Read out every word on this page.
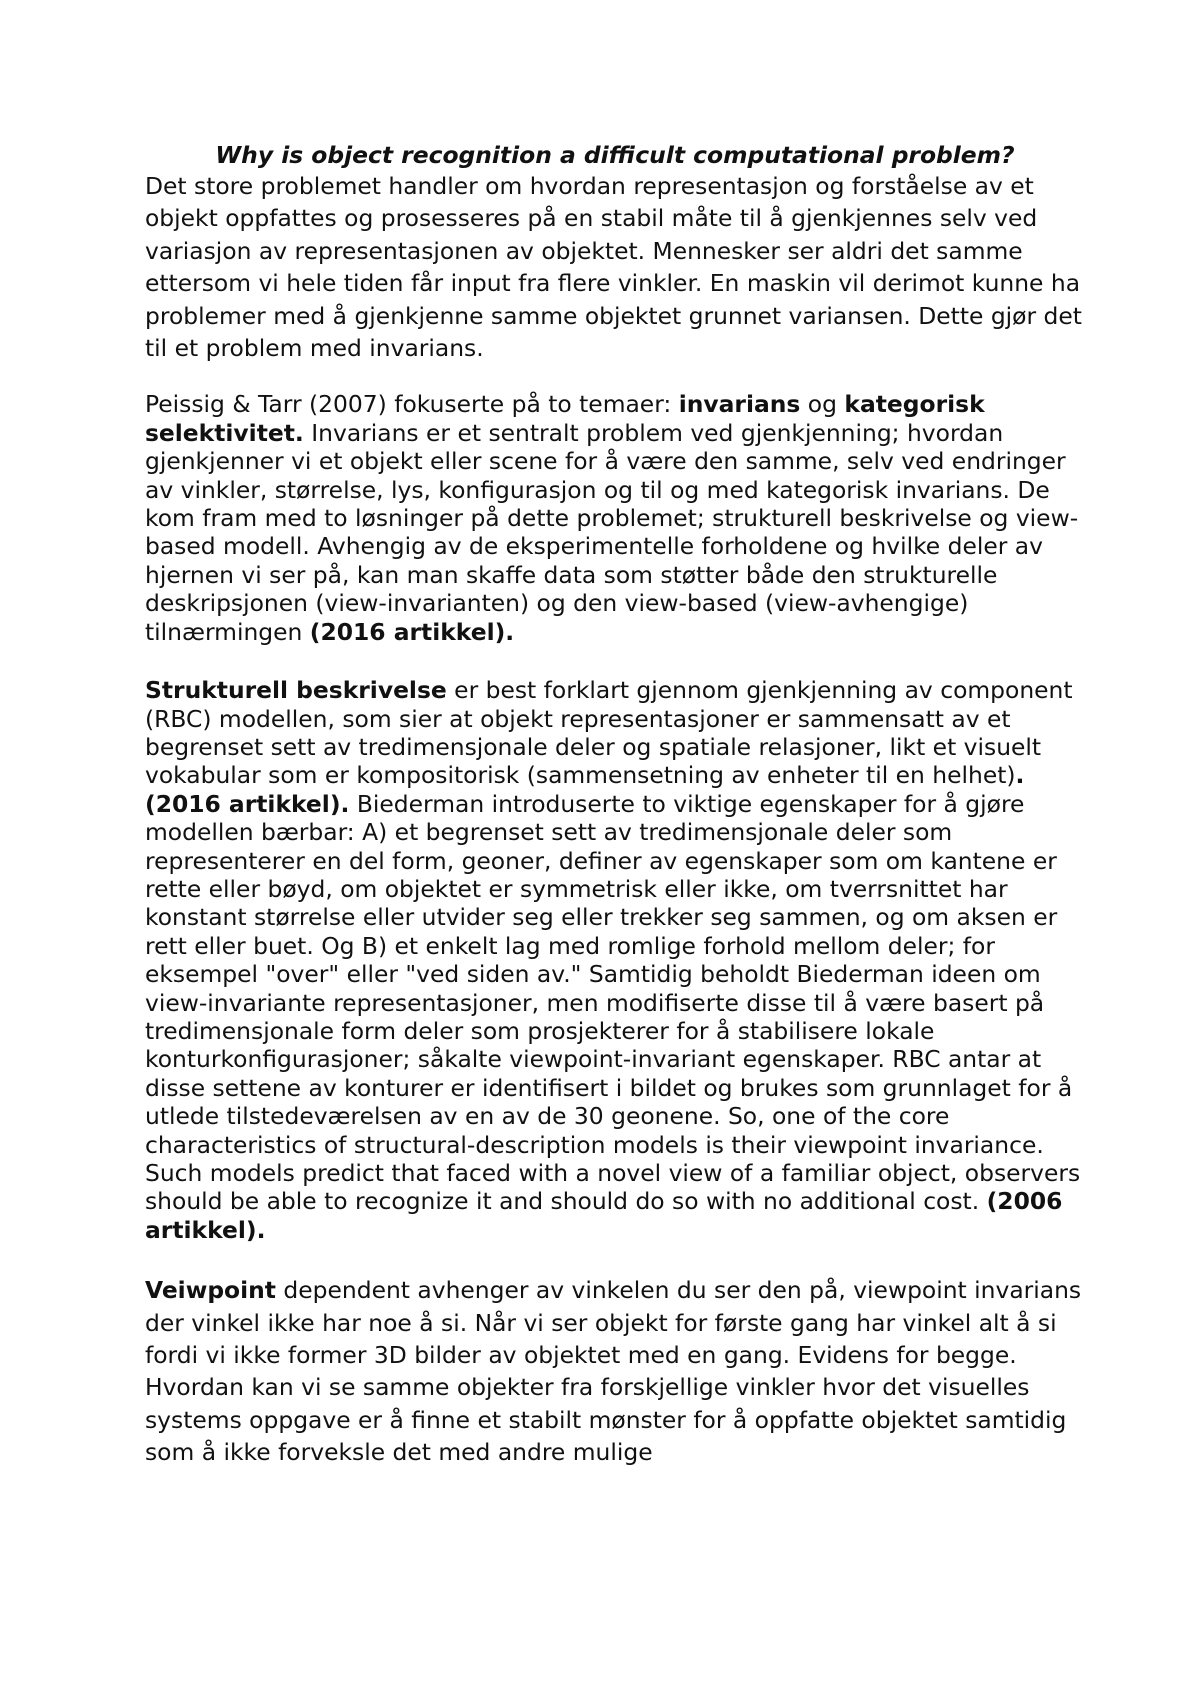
Why is object recognition a difficult computational problem?

Det store problemet handler om hvordan representasjon og forståelse av et objekt oppfattes og prosesseres på en stabil måte til å gjenkjennes selv ved variasjon av representasjonen av objektet. Mennesker ser aldri det samme ettersom vi hele tiden får input fra flere vinkler. En maskin vil derimot kunne ha problemer med å gjenkjenne samme objektet grunnet variansen. Dette gjør det til et problem med invarians.

Peissig & Tarr (2007) fokuserte på to temaer: invarians og kategorisk selektivitet. Invarians er et sentralt problem ved gjenkjenning; hvordan gjenkjenner vi et objekt eller scene for å være den samme, selv ved endringer av vinkler, størrelse, lys, konfigurasjon og til og med kategorisk invarians. De kom fram med to løsninger på dette problemet; strukturell beskrivelse og view-based modell. Avhengig av de eksperimentelle forholdene og hvilke deler av hjernen vi ser på, kan man skaffe data som støtter både den strukturelle deskripsjonen (view-invarianten) og den view-based (view-avhengige) tilnærmingen (2016 artikkel).

Strukturell beskrivelse er best forklart gjennom gjenkjenning av component (RBC) modellen, som sier at objekt representasjoner er sammensatt av et begrenset sett av tredimensjonale deler og spatiale relasjoner, likt et visuelt vokabular som er kompositorisk (sammensetning av enheter til en helhet). (2016 artikkel). Biederman introduserte to viktige egenskaper for å gjøre modellen bærbar: A) et begrenset sett av tredimensjonale deler som representerer en del form, geoner, definer av egenskaper som om kantene er rette eller bøyd, om objektet er symmetrisk eller ikke, om tverrsnittet har konstant størrelse eller utvider seg eller trekker seg sammen, og om aksen er rett eller buet. Og B) et enkelt lag med romlige forhold mellom deler; for eksempel "over" eller "ved siden av." Samtidig beholdt Biederman ideen om view-invariante representasjoner, men modifiserte disse til å være basert på tredimensjonale form deler som prosjekterer for å stabilisere lokale konturkonfigurasjoner; såkalte viewpoint-invariant egenskaper. RBC antar at disse settene av konturer er identifisert i bildet og brukes som grunnlaget for å utlede tilstedeværelsen av en av de 30 geonene. So, one of the core characteristics of structural-description models is their viewpoint invariance. Such models predict that faced with a novel view of a familiar object, observers should be able to recognize it and should do so with no additional cost. (2006 artikkel).

Veiwpoint dependent avhenger av vinkelen du ser den på, viewpoint invarians der vinkel ikke har noe å si. Når vi ser objekt for første gang har vinkel alt å si fordi vi ikke former 3D bilder av objektet med en gang. Evidens for begge. Hvordan kan vi se samme objekter fra forskjellige vinkler hvor det visuelles systems oppgave er å finne et stabilt mønster for å oppfatte objektet samtidig som å ikke forveksle det med andre mulige
